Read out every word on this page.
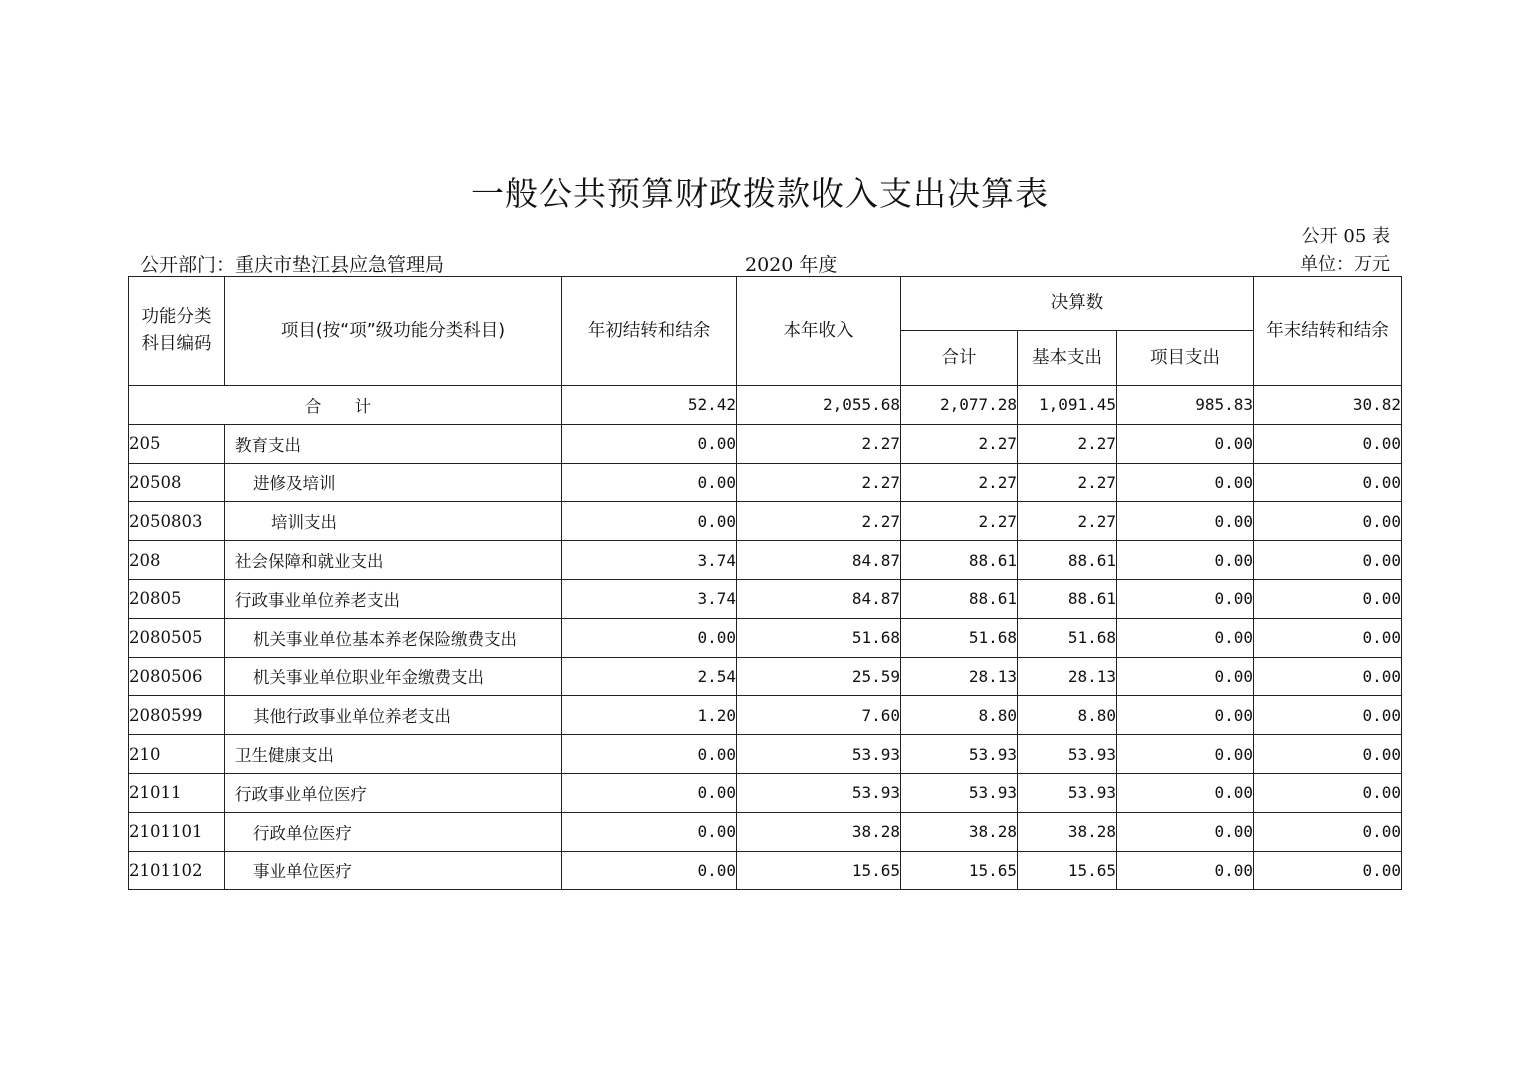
一般公共预算财政拨款收入支出决算表
公开 05 表
公开部门：重庆市垫江县应急管理局	2020 年度	单位：万元
功能分类科目编码	项目(按“项”级功能分类科目)	年初结转和结余	本年收入	决算数			年末结转和结余
				合计	基本支出	项目支出	
合 计		52.42	2,055.68	2,077.28	1,091.45	985.83	30.82
205	教育支出	0.00	2.27	2.27	2.27	0.00	0.00
20508	进修及培训	0.00	2.27	2.27	2.27	0.00	0.00
2050803	培训支出	0.00	2.27	2.27	2.27	0.00	0.00
208	社会保障和就业支出	3.74	84.87	88.61	88.61	0.00	0.00
20805	行政事业单位养老支出	3.74	84.87	88.61	88.61	0.00	0.00
2080505	机关事业单位基本养老保险缴费支出	0.00	51.68	51.68	51.68	0.00	0.00
2080506	机关事业单位职业年金缴费支出	2.54	25.59	28.13	28.13	0.00	0.00
2080599	其他行政事业单位养老支出	1.20	7.60	8.80	8.80	0.00	0.00
210	卫生健康支出	0.00	53.93	53.93	53.93	0.00	0.00
21011	行政事业单位医疗	0.00	53.93	53.93	53.93	0.00	0.00
2101101	行政单位医疗	0.00	38.28	38.28	38.28	0.00	0.00
2101102	事业单位医疗	0.00	15.65	15.65	15.65	0.00	0.00
